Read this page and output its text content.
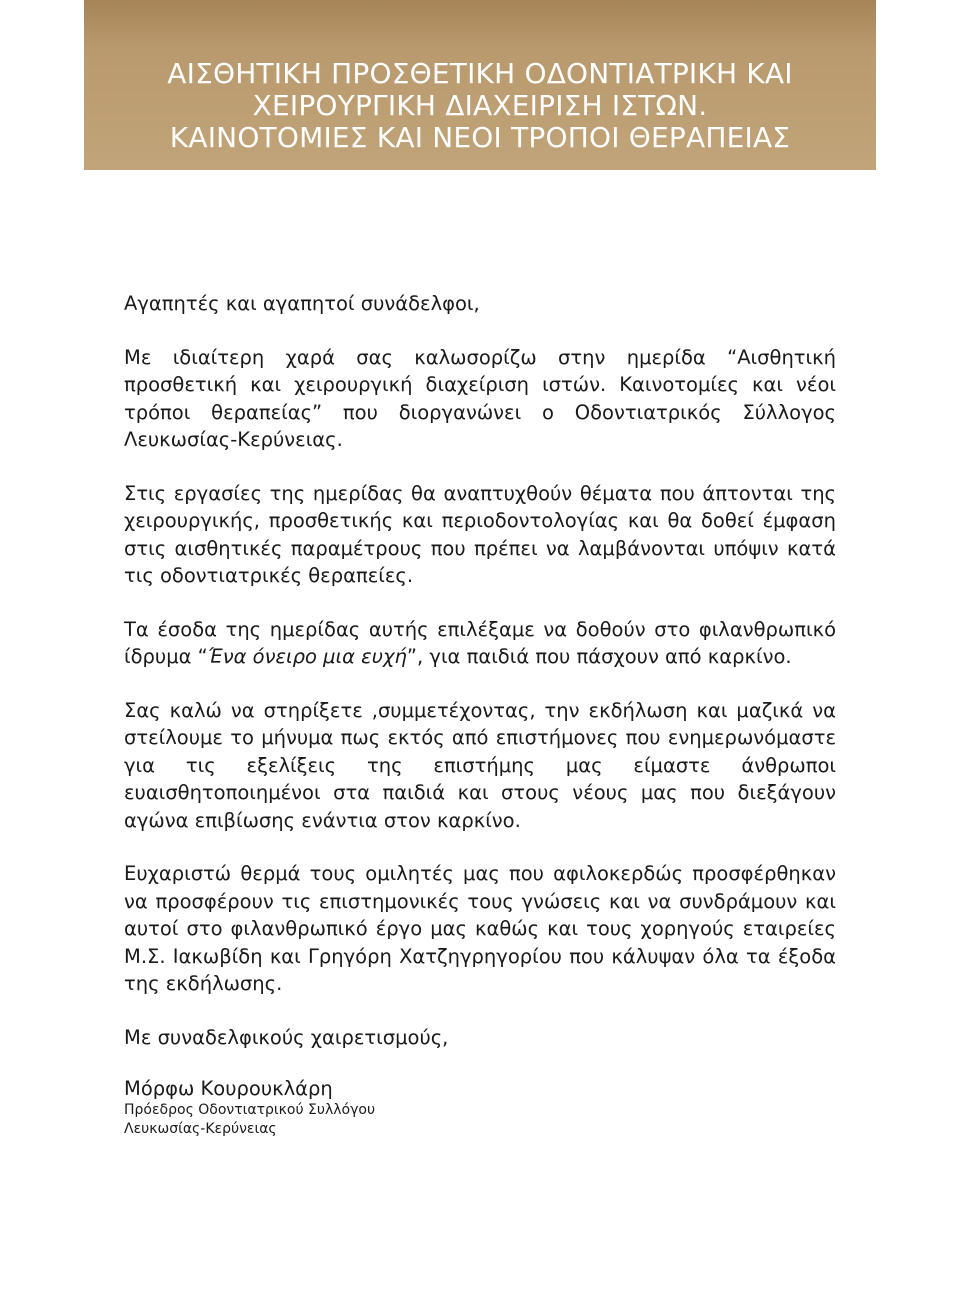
ΑΙΣΘΗΤΙΚΗ ΠΡΟΣΘΕΤΙΚΗ ΟΔΟΝΤΙΑΤΡΙΚΗ ΚΑΙ
ΧΕΙΡΟΥΡΓΙΚΗ ΔΙΑΧΕΙΡΙΣΗ ΙΣΤΩΝ.
ΚΑΙΝΟΤΟΜΙΕΣ ΚΑΙ ΝΕΟΙ ΤΡΟΠΟΙ ΘΕΡΑΠΕΙΑΣ

Αγαπητές και αγαπητοί συνάδελφοι,

Με ιδιαίτερη χαρά σας καλωσορίζω στην ημερίδα “Αισθητική προσθετική και χειρουργική διαχείριση ιστών. Καινοτομίες και νέοι τρόποι θεραπείας” που διοργανώνει ο Οδοντιατρικός Σύλλογος Λευκωσίας-Κερύνειας.

Στις εργασίες της ημερίδας θα αναπτυχθούν θέματα που άπτονται της χειρουργικής, προσθετικής και περιοδοντολογίας και θα δοθεί έμφαση στις αισθητικές παραμέτρους που πρέπει να λαμβάνονται υπόψιν κατά τις οδοντιατρικές θεραπείες.

Τα έσοδα της ημερίδας αυτής επιλέξαμε να δοθούν στο φιλανθρωπικό ίδρυμα “Ένα όνειρο μια ευχή”, για παιδιά που πάσχουν από καρκίνο.

Σας καλώ να στηρίξετε ,συμμετέχοντας, την εκδήλωση και μαζικά να στείλουμε το μήνυμα πως εκτός από επιστήμονες που ενημερωνόμαστε για τις εξελίξεις της επιστήμης μας είμαστε άνθρωποι ευαισθητοποιημένοι στα παιδιά και στους νέους μας που διεξάγουν αγώνα επιβίωσης ενάντια στον καρκίνο.

Ευχαριστώ θερμά τους ομιλητές μας που αφιλοκερδώς προσφέρθηκαν να προσφέρουν τις επιστημονικές τους γνώσεις και να συνδράμουν και αυτοί στο φιλανθρωπικό έργο μας καθώς και τους χορηγούς εταιρείες Μ.Σ. Ιακωβίδη και Γρηγόρη Χατζηγρηγορίου που κάλυψαν όλα τα έξοδα της εκδήλωσης.

Με συναδελφικούς χαιρετισμούς,

Μόρφω Κουρουκλάρη
Πρόεδρος Οδοντιατρικού Συλλόγου
Λευκωσίας-Κερύνειας
